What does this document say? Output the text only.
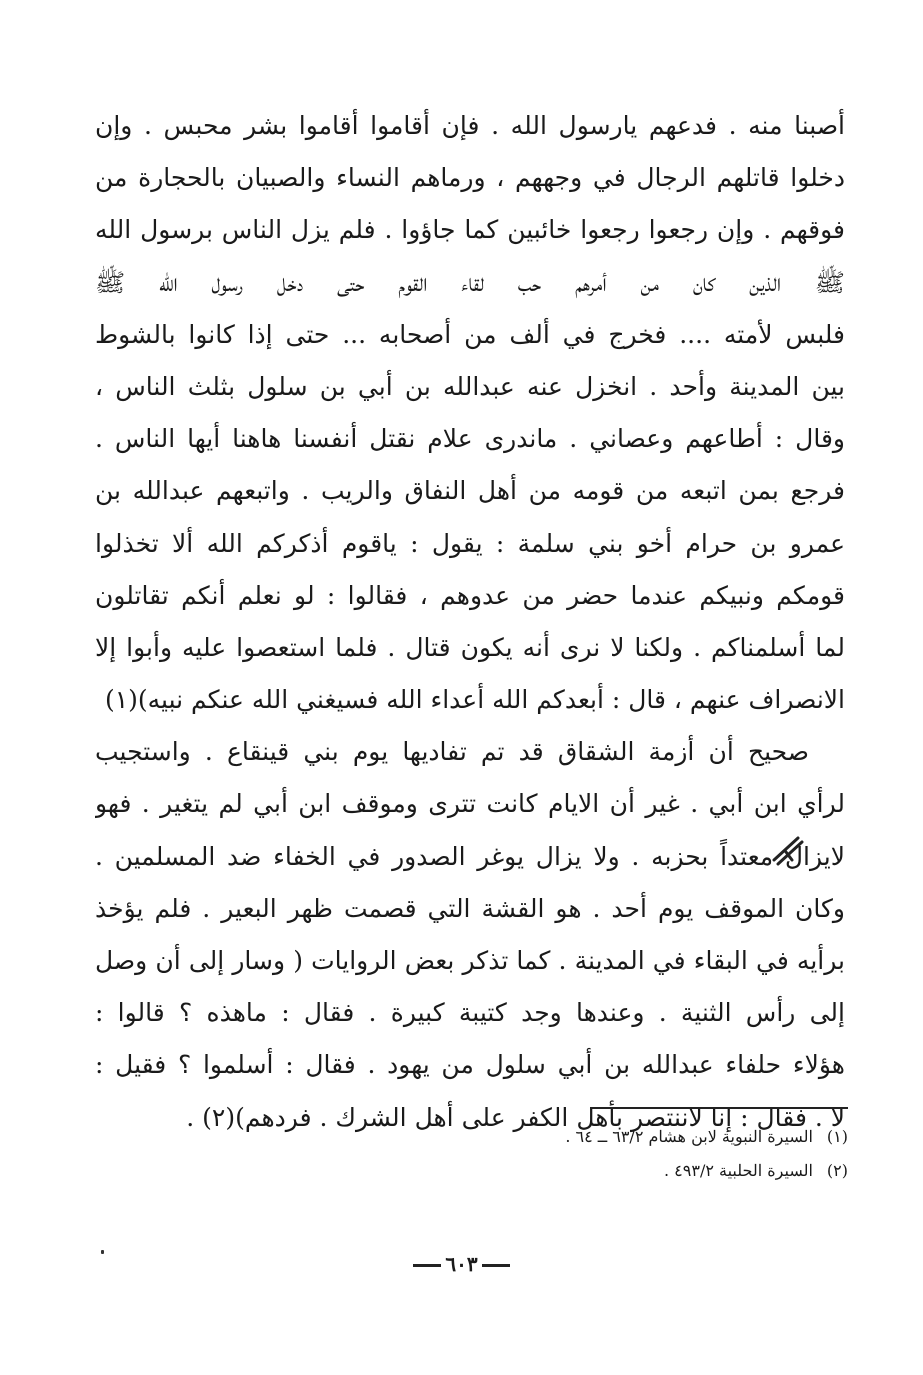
أصبنا منه . فدعهم يارسول الله . فإن أقاموا أقاموا بشر محبس . وإن
دخلوا قاتلهم الرجال في وجههم ، ورماهم النساء والصبيان بالحجارة من
فوقهم . وإن رجعوا رجعوا خائبين كما جاؤوا . فلم يزل الناس برسول الله
ﷺ الذين كان من أمرهم حب لقاء القوم حتى دخل رسول الله ﷺ
فلبس لأمته .... فخرج في ألف من أصحابه ... حتى إذا كانوا بالشوط
بين المدينة وأحد . انخزل عنه عبدالله بن أبي بن سلول بثلث الناس ،
وقال : أطاعهم وعصاني . ماندرى علام نقتل أنفسنا هاهنا أيها الناس .
فرجع بمن اتبعه من قومه من أهل النفاق والريب . واتبعهم عبدالله بن
عمرو بن حرام أخو بني سلمة : يقول : ياقوم أذكركم الله ألا تخذلوا
قومكم ونبيكم عندما حضر من عدوهم ، فقالوا : لو نعلم أنكم تقاتلون
لما أسلمناكم . ولكنا لا نرى أنه يكون قتال . فلما استعصوا عليه وأبوا إلا
الانصراف عنهم ، قال : أبعدكم الله أعداء الله فسيغني الله عنكم نبيه)(١)
صحيح أن أزمة الشقاق قد تم تفاديها يوم بني قينقاع . واستجيب
لرأي ابن أبي . غير أن الايام كانت تترى وموقف ابن أبي لم يتغير . فهو
لايزال معتداً بحزبه . ولا يزال يوغر الصدور في الخفاء ضد المسلمين .
وكان الموقف يوم أحد . هو القشة التي قصمت ظهر البعير . فلم يؤخذ
برأيه في البقاء في المدينة . كما تذكر بعض الروايات ( وسار إلى أن وصل
إلى رأس الثنية . وعندها وجد كتيبة كبيرة . فقال : ماهذه ؟ قالوا :
هؤلاء حلفاء عبدالله بن أبي سلول من يهود . فقال : أسلموا ؟ فقيل :
لا . فقال : إنا لاننتصر بأهل الكفر على أهل الشرك . فردهم)(٢) .
(١)السيرة النبوية لابن هشام ٦٣/٢ ــ ٦٤ .
(٢)السيرة الحلبية ٤٩٣/٢ .
٦٠٣
